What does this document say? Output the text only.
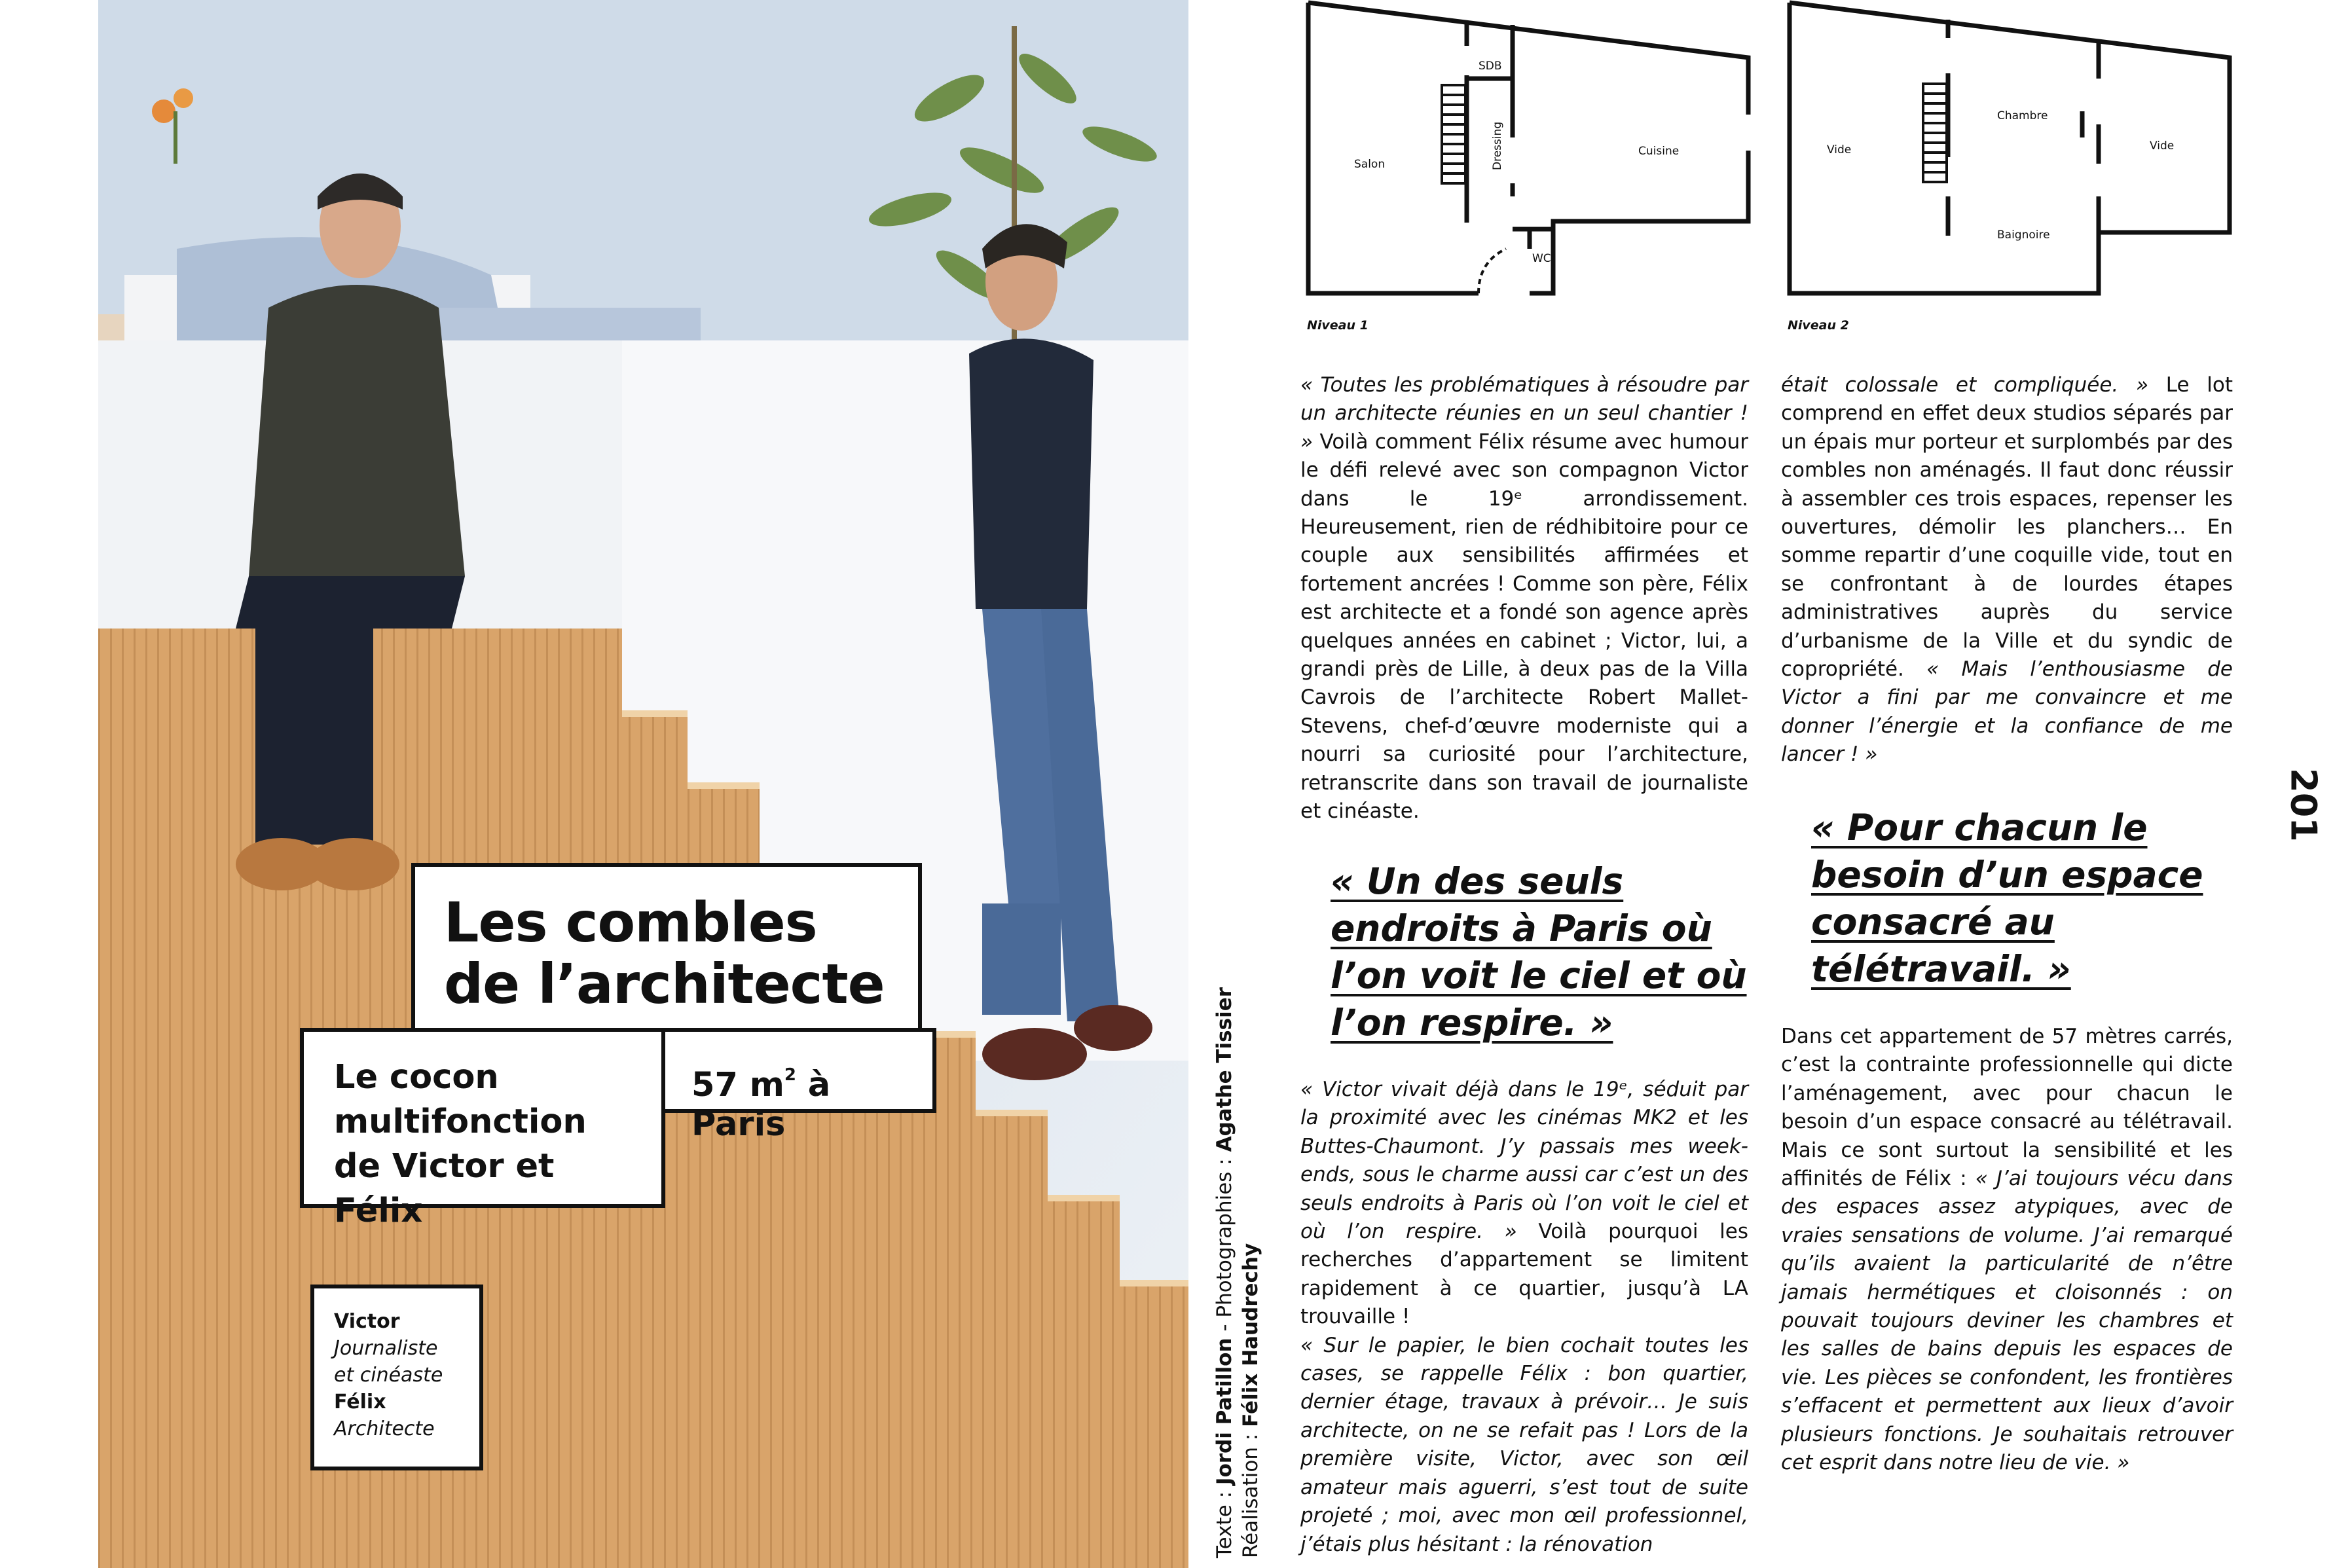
Les combles
de l’architecte
Le cocon
multifonction
de Victor et Félix
57 $m^2$ à Paris
Victor
Journaliste
et cinéaste
Félix
Architecte
Texte : Jordi Patillon - Photographies : Agathe Tissier
Réalisation : Félix Haudrechy
SDB
Dressing
Salon
Cuisine
WC
Niveau 1
Chambre
Vide	Vide
Baignoire
Niveau 2

« Toutes les problématiques à résoudre par un architecte réunies en un seul chantier ! » Voilà comment Félix résume avec humour le défi relevé avec son compagnon Victor dans le 19ᵉ arrondissement. Heureusement, rien de rédhibitoire pour ce couple aux sensibilités affirmées et fortement ancrées ! Comme son père, Félix est architecte et a fondé son agence après quelques années en cabinet ; Victor, lui, a grandi près de Lille, à deux pas de la Villa Cavrois de l’architecte Robert Mallet-Stevens, chef-d’œuvre moderniste qui a nourri sa curiosité pour l’architecture, retranscrite dans son travail de journaliste et cinéaste.

« Un des seuls endroits à Paris où l’on voit le ciel et où l’on respire. »

« Victor vivait déjà dans le 19ᵉ, séduit par la proximité avec les cinémas MK2 et les Buttes-Chaumont. J’y passais mes week-ends, sous le charme aussi car c’est un des seuls endroits à Paris où l’on voit le ciel et où l’on respire. » Voilà pourquoi les recherches d’appartement se limitent rapidement à ce quartier, jusqu’à LA trouvaille !

« Sur le papier, le bien cochait toutes les cases, se rappelle Félix : bon quartier, dernier étage, travaux à prévoir… Je suis architecte, on ne se refait pas ! Lors de la première visite, Victor, avec son œil amateur mais aguerri, s’est tout de suite projeté ; moi, avec mon œil professionnel, j’étais plus hésitant : la rénovation

était colossale et compliquée. » Le lot comprend en effet deux studios séparés par un épais mur porteur et surplombés par des combles non aménagés. Il faut donc réussir à assembler ces trois espaces, repenser les ouvertures, démolir les planchers… En somme repartir d’une coquille vide, tout en se confrontant à de lourdes étapes administratives auprès du service d’urbanisme de la Ville et du syndic de copropriété. « Mais l’enthousiasme de Victor a fini par me convaincre et me donner l’énergie et la confiance de me lancer ! »

« Pour chacun le besoin d’un espace consacré au télétravail. »

Dans cet appartement de 57 mètres carrés, c’est la contrainte professionnelle qui dicte l’aménagement, avec pour chacun le besoin d’un espace consacré au télétravail. Mais ce sont surtout la sensibilité et les affinités de Félix : « J’ai toujours vécu dans des espaces assez atypiques, avec de vraies sensations de volume. J’ai remarqué qu’ils avaient la particularité de n’être jamais hermétiques et cloisonnés : on pouvait toujours deviner les chambres et les salles de bains depuis les espaces de vie. Les pièces se confondent, les frontières s’effacent et permettent aux lieux d’avoir plusieurs fonctions. Je souhaitais retrouver cet esprit dans notre lieu de vie. »

201
